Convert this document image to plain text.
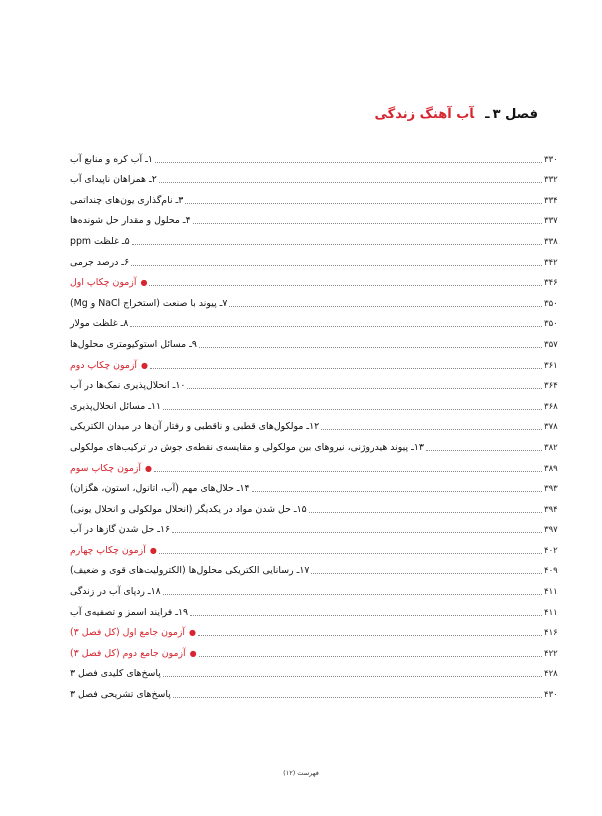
فصل ۳ـآب آهنگ زندگی
۱ـ آب کره و منابع آب	۳۳۰
۲ـ همراهان ناپیدای آب	۳۳۲
۳ـ نام‌گذاری یون‌های چنداتمی	۳۳۴
۴ـ محلول و مقدار حل شونده‌ها	۳۳۷
۵ـ غلظت ppm	۳۳۸
۶ـ درصد جرمی	۳۴۲
●
آزمون چکاپ اول	۳۴۶
۷ـ پیوند با صنعت (استخراج NaCl و Mg)	۳۵۰
۸ـ غلظت مولار	۳۵۰
۹ـ مسائل استوکیومتری محلول‌ها	۳۵۷
●
آزمون چکاپ دوم	۳۶۱
۱۰ـ انحلال‌پذیری نمک‌ها در آب	۳۶۴
۱۱ـ مسائل انحلال‌پذیری	۳۶۸
۱۲ـ مولکول‌های قطبی و ناقطبی و رفتار آن‌ها در میدان الکتریکی	۳۷۸
۱۳ـ پیوند هیدروژنی، نیروهای بین مولکولی و مقایسه‌ی نقطه‌ی جوش در ترکیب‌های مولکولی	۳۸۲
●
آزمون چکاپ سوم	۳۸۹
۱۴ـ حلال‌های مهم (آب، اتانول، استون، هگزان)	۳۹۳
۱۵ـ حل شدن مواد در یکدیگر (انحلال مولکولی و انحلال یونی)	۳۹۴
۱۶ـ حل شدن گازها در آب	۳۹۷
●
آزمون چکاپ چهارم	۴۰۲
۱۷ـ رسانایی الکتریکی محلول‌ها (الکترولیت‌های قوی و ضعیف)	۴۰۹
۱۸ـ ردپای آب در زندگی	۴۱۱
۱۹ـ فرایند اسمز و تصفیه‌ی آب	۴۱۱
●
آزمون جامع اول (کل فصل ۳)	۴۱۶
●
آزمون جامع دوم (کل فصل ۳)	۴۲۲
پاسخ‌های کلیدی فصل ۳	۴۲۸
پاسخ‌های تشریحی فصل ۳	۴۳۰
فهرست (۱۲)
